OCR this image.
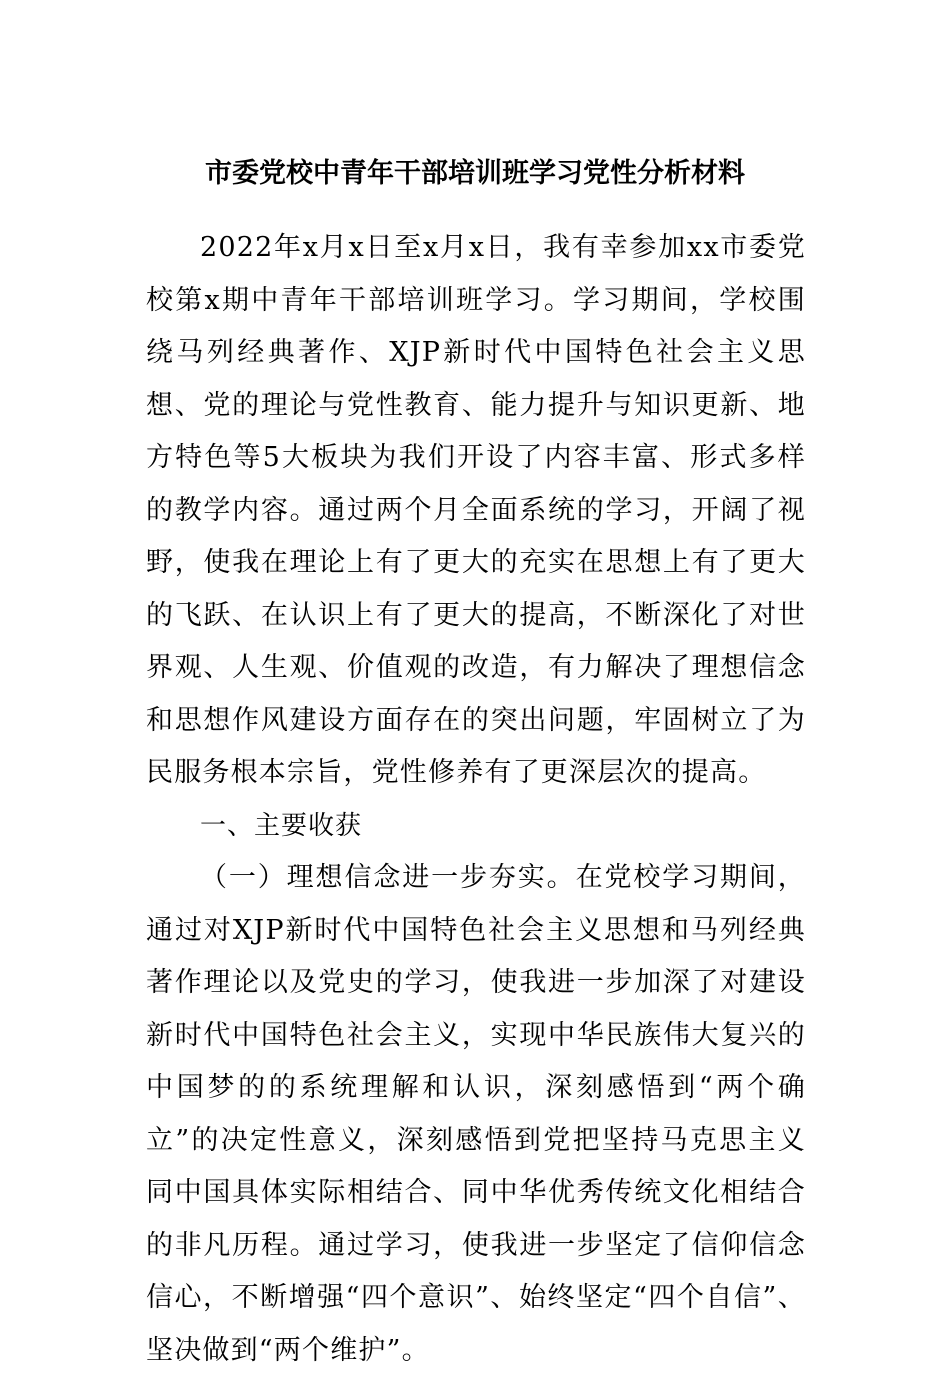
市委党校中青年干部培训班学习党性分析材料

2022年x月x日至x月x日，我有幸参加xx市委党校第x期中青年干部培训班学习。学习期间，学校围绕马列经典著作、XJP新时代中国特色社会主义思想、党的理论与党性教育、能力提升与知识更新、地方特色等5大板块为我们开设了内容丰富、形式多样的教学内容。通过两个月全面系统的学习，开阔了视野，使我在理论上有了更大的充实在思想上有了更大的飞跃、在认识上有了更大的提高，不断深化了对世界观、人生观、价值观的改造，有力解决了理想信念和思想作风建设方面存在的突出问题，牢固树立了为民服务根本宗旨，党性修养有了更深层次的提高。

一、主要收获

（一）理想信念进一步夯实。在党校学习期间，通过对XJP新时代中国特色社会主义思想和马列经典著作理论以及党史的学习，使我进一步加深了对建设新时代中国特色社会主义，实现中华民族伟大复兴的中国梦的的系统理解和认识，深刻感悟到“两个确立”的决定性意义，深刻感悟到党把坚持马克思主义同中国具体实际相结合、同中华优秀传统文化相结合的非凡历程。通过学习，使我进一步坚定了信仰信念信心，不断增强“四个意识”、始终坚定“四个自信”、坚决做到“两个维护”。
